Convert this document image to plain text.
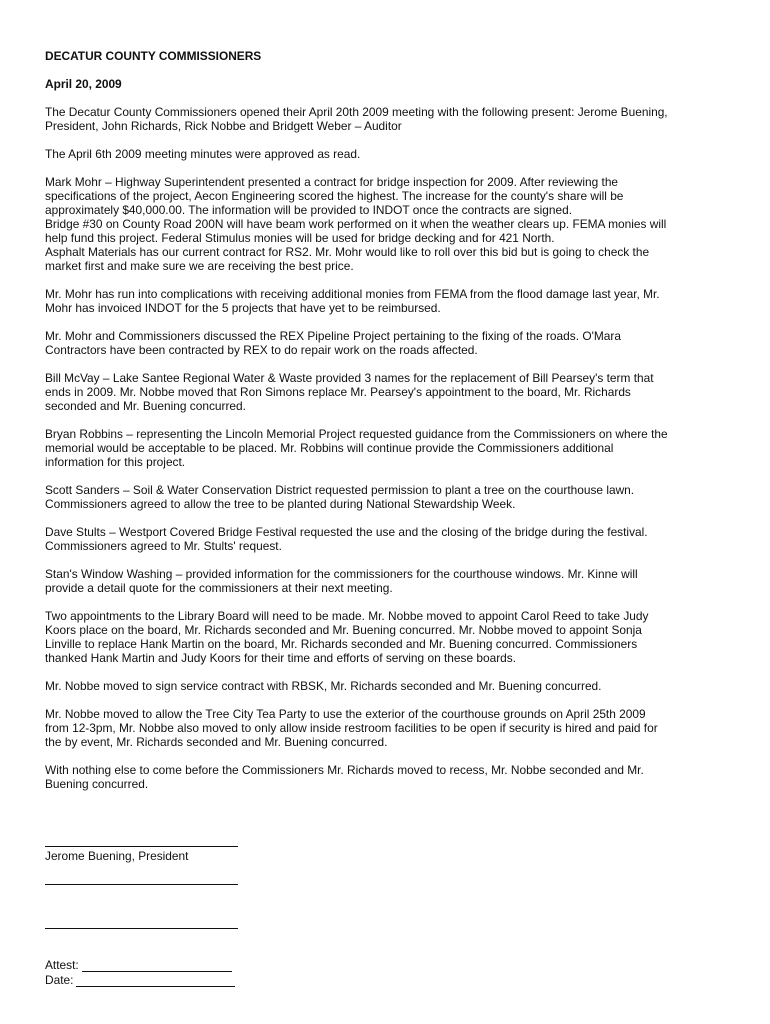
DECATUR COUNTY COMMISSIONERS
April 20, 2009
The Decatur County Commissioners opened their April 20th 2009 meeting with the following present: Jerome Buening,
President, John Richards, Rick Nobbe and Bridgett Weber – Auditor
The April 6th 2009 meeting minutes were approved as read.
Mark Mohr – Highway Superintendent presented a contract for bridge inspection for 2009. After reviewing the
specifications of the project, Aecon Engineering scored the highest. The increase for the county's share will be
approximately $40,000.00. The information will be provided to INDOT once the contracts are signed.
Bridge #30 on County Road 200N will have beam work performed on it when the weather clears up. FEMA monies will
help fund this project. Federal Stimulus monies will be used for bridge decking and for 421 North.
Asphalt Materials has our current contract for RS2. Mr. Mohr would like to roll over this bid but is going to check the
market first and make sure we are receiving the best price.
Mr. Mohr has run into complications with receiving additional monies from FEMA from the flood damage last year, Mr.
Mohr has invoiced INDOT for the 5 projects that have yet to be reimbursed.
Mr. Mohr and Commissioners discussed the REX Pipeline Project pertaining to the fixing of the roads. O'Mara
Contractors have been contracted by REX to do repair work on the roads affected.
Bill McVay – Lake Santee Regional Water & Waste provided 3 names for the replacement of Bill Pearsey's term that
ends in 2009. Mr. Nobbe moved that Ron Simons replace Mr. Pearsey's appointment to the board, Mr. Richards
seconded and Mr. Buening concurred.
Bryan Robbins – representing the Lincoln Memorial Project requested guidance from the Commissioners on where the
memorial would be acceptable to be placed. Mr. Robbins will continue provide the Commissioners additional
information for this project.
Scott Sanders – Soil & Water Conservation District requested permission to plant a tree on the courthouse lawn.
Commissioners agreed to allow the tree to be planted during National Stewardship Week.
Dave Stults – Westport Covered Bridge Festival requested the use and the closing of the bridge during the festival.
Commissioners agreed to Mr. Stults' request.
Stan's Window Washing – provided information for the commissioners for the courthouse windows. Mr. Kinne will
provide a detail quote for the commissioners at their next meeting.
Two appointments to the Library Board will need to be made. Mr. Nobbe moved to appoint Carol Reed to take Judy
Koors place on the board, Mr. Richards seconded and Mr. Buening concurred. Mr. Nobbe moved to appoint Sonja
Linville to replace Hank Martin on the board, Mr. Richards seconded and Mr. Buening concurred. Commissioners
thanked Hank Martin and Judy Koors for their time and efforts of serving on these boards.
Mr. Nobbe moved to sign service contract with RBSK, Mr. Richards seconded and Mr. Buening concurred.
Mr. Nobbe moved to allow the Tree City Tea Party to use the exterior of the courthouse grounds on April 25th 2009
from 12-3pm, Mr. Nobbe also moved to only allow inside restroom facilities to be open if security is hired and paid for
the by event, Mr. Richards seconded and Mr. Buening concurred.
With nothing else to come before the Commissioners Mr. Richards moved to recess, Mr. Nobbe seconded and Mr.
Buening concurred.
Jerome Buening, President
Attest:
Date:
